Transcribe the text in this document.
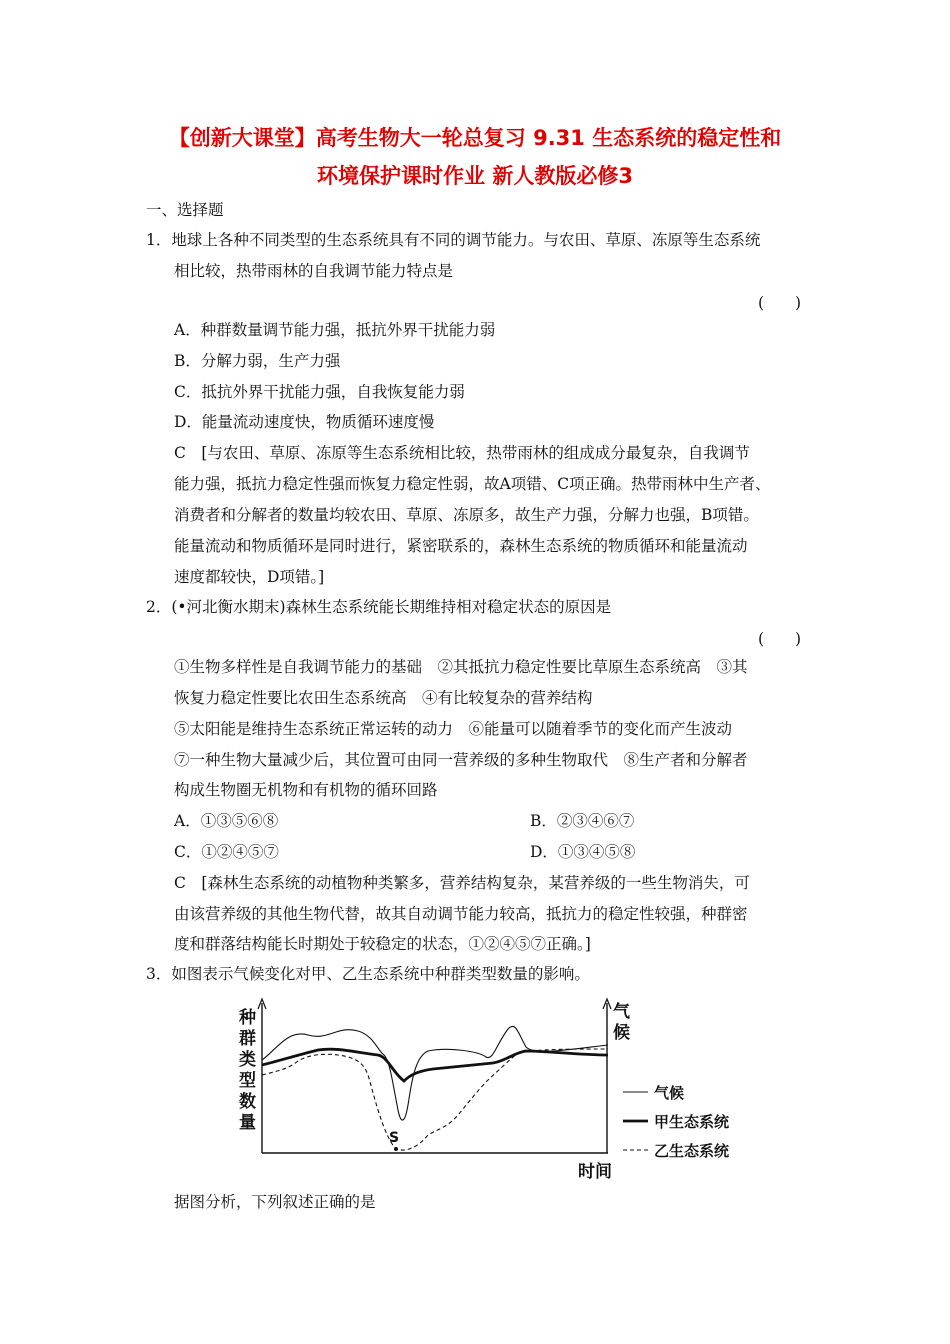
【创新大课堂】高考生物大一轮总复习 9.31 生态系统的稳定性和
环境保护课时作业 新人教版必修3
一、选择题
1．地球上各种不同类型的生态系统具有不同的调节能力。与农田、草原、冻原等生态系统
相比较，热带雨林的自我调节能力特点是
(　　)
A．种群数量调节能力强，抵抗外界干扰能力弱
B．分解力弱，生产力强
C．抵抗外界干扰能力强，自我恢复能力弱
D．能量流动速度快，物质循环速度慢
C　[与农田、草原、冻原等生态系统相比较，热带雨林的组成成分最复杂，自我调节
能力强，抵抗力稳定性强而恢复力稳定性弱，故A项错、C项正确。热带雨林中生产者、
消费者和分解者的数量均较农田、草原、冻原多，故生产力强，分解力也强，B项错。
能量流动和物质循环是同时进行，紧密联系的，森林生态系统的物质循环和能量流动
速度都较快，D项错。]
2．(•河北衡水期末)森林生态系统能长期维持相对稳定状态的原因是
(　　)
①生物多样性是自我调节能力的基础　②其抵抗力稳定性要比草原生态系统高　③其
恢复力稳定性要比农田生态系统高　④有比较复杂的营养结构
⑤太阳能是维持生态系统正常运转的动力　⑥能量可以随着季节的变化而产生波动
⑦一种生物大量减少后，其位置可由同一营养级的多种生物取代　⑧生产者和分解者
构成生物圈无机物和有机物的循环回路
A．①③⑤⑥⑧	B．②③④⑥⑦
C．①②④⑤⑦	D．①③④⑤⑧
C　[森林生态系统的动植物种类繁多，营养结构复杂，某营养级的一些生物消失，可
由该营养级的其他生物代替，故其自动调节能力较高，抵抗力的稳定性较强，种群密
度和群落结构能长时期处于较稳定的状态，①②④⑤⑦正确。]
3．如图表示气候变化对甲、乙生态系统中种群类型数量的影响。
S
种群类型数量
气候
时间
气候
甲生态系统
乙生态系统
据图分析，下列叙述正确的是
